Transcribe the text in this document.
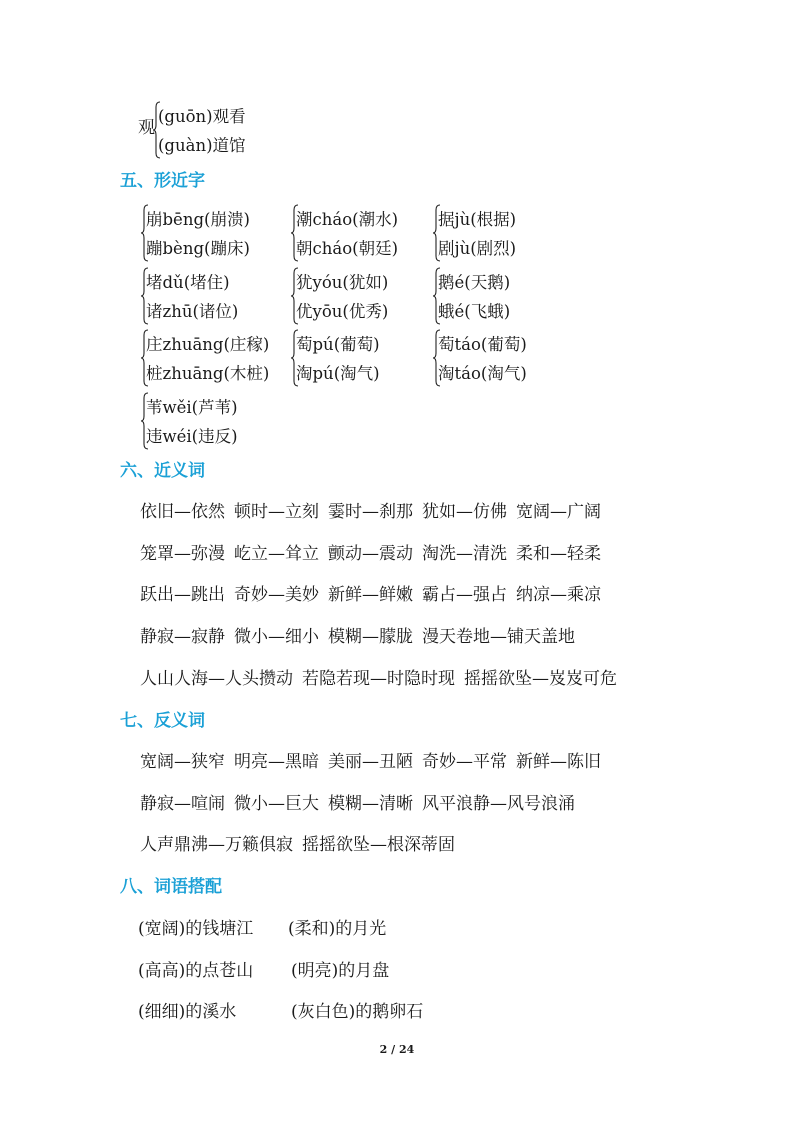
观
(guōn)观看
(guàn)道馆
五、形近字
崩bēng(崩溃)
蹦bèng(蹦床)
潮cháo(潮水)
朝cháo(朝廷)
据jù(根据)
剧jù(剧烈)
堵dǔ(堵住)
诸zhū(诸位)
犹yóu(犹如)
优yōu(优秀)
鹅é(天鹅)
蛾é(飞蛾)
庄zhuāng(庄稼)
桩zhuāng(木桩)
萄pú(葡萄)
淘pú(淘气)
萄táo(葡萄)
淘táo(淘气)
苇wěi(芦苇)
违wéi(违反)
六、近义词
依旧—依然 顿时—立刻 霎时—刹那 犹如—仿佛 宽阔—广阔
笼罩—弥漫 屹立—耸立 颤动—震动 淘洗—清洗 柔和—轻柔
跃出—跳出 奇妙—美妙 新鲜—鲜嫩 霸占—强占 纳凉—乘凉
静寂—寂静 微小—细小 模糊—朦胧 漫天卷地—铺天盖地
人山人海—人头攒动 若隐若现—时隐时现 摇摇欲坠—岌岌可危
七、反义词
宽阔—狭窄 明亮—黑暗 美丽—丑陋 奇妙—平常 新鲜—陈旧
静寂—喧闹 微小—巨大 模糊—清晰 风平浪静—风号浪涌
人声鼎沸—万籁俱寂 摇摇欲坠—根深蒂固
八、词语搭配
(宽阔)的钱塘江 (柔和)的月光
(高高)的点苍山 (明亮)的月盘
(细细)的溪水	(灰白色)的鹅卵石
2 / 24
